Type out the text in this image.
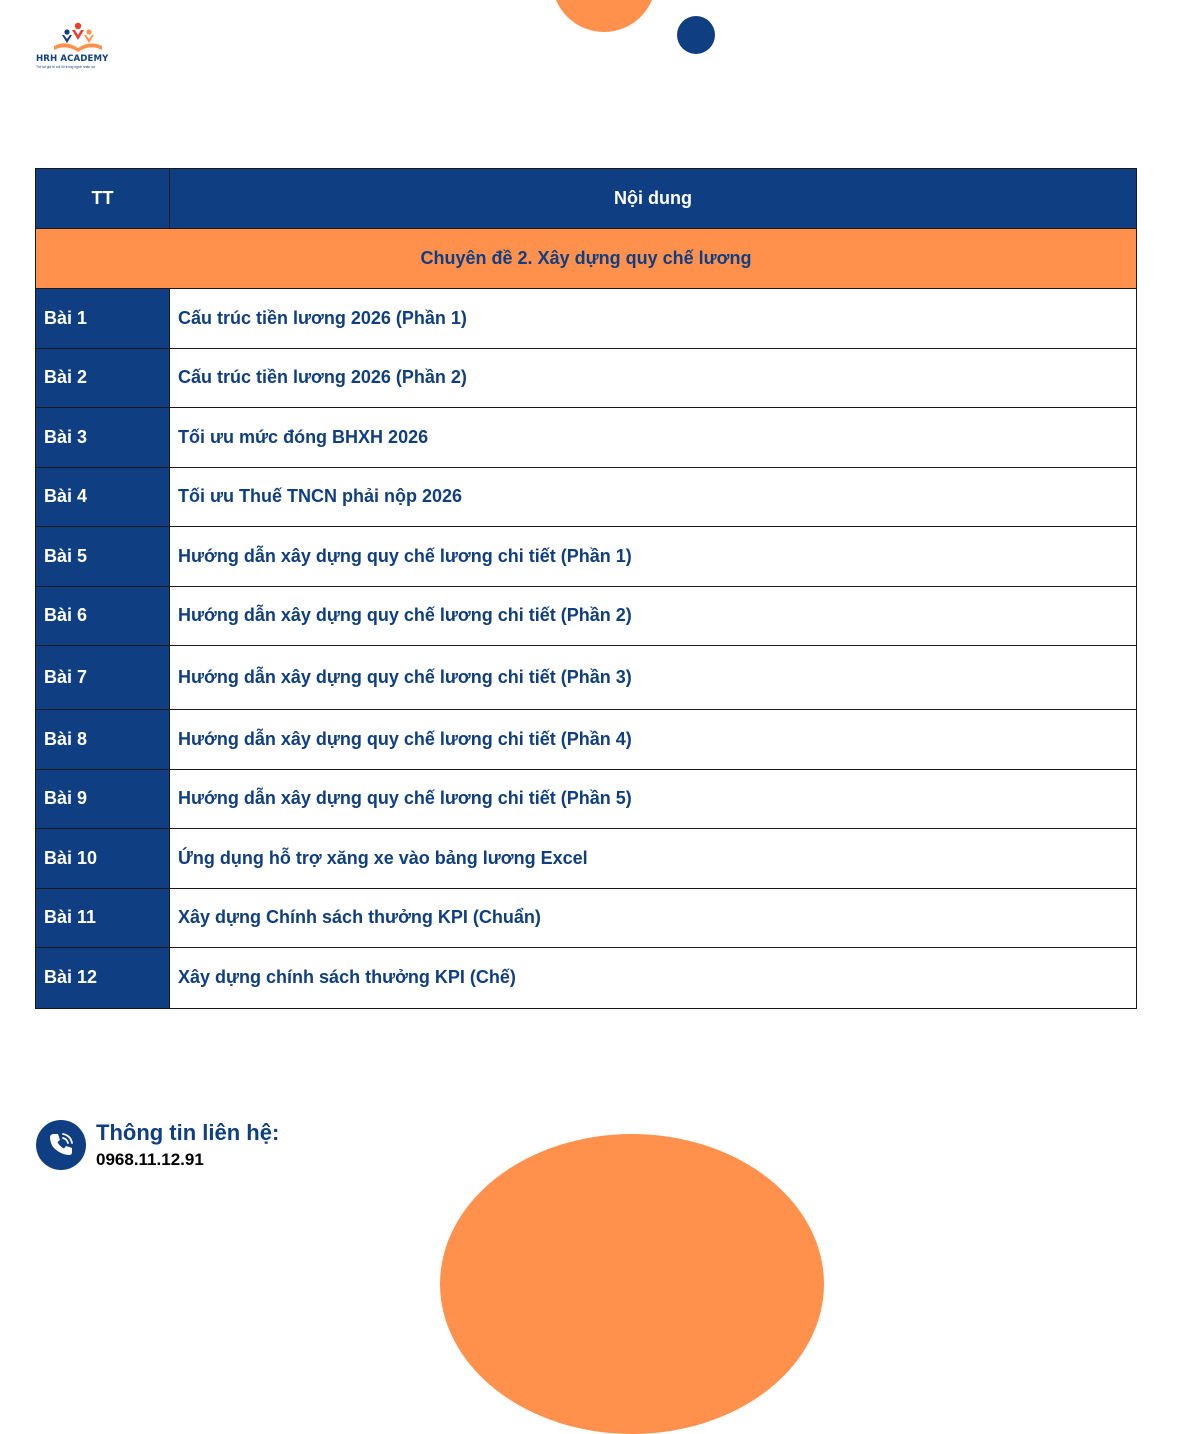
HRH ACADEMY
Trở lại giá trị cốt lõi trong nghề nhân sự
TT	Nội dung
Chuyên đề 2. Xây dựng quy chế lương
Bài 1	Cấu trúc tiền lương 2026 (Phần 1)
Bài 2	Cấu trúc tiền lương 2026 (Phần 2)
Bài 3	Tối ưu mức đóng BHXH 2026
Bài 4	Tối ưu Thuế TNCN phải nộp 2026
Bài 5	Hướng dẫn xây dựng quy chế lương chi tiết (Phần 1)
Bài 6	Hướng dẫn xây dựng quy chế lương chi tiết (Phần 2)
Bài 7	Hướng dẫn xây dựng quy chế lương chi tiết (Phần 3)
Bài 8	Hướng dẫn xây dựng quy chế lương chi tiết (Phần 4)
Bài 9	Hướng dẫn xây dựng quy chế lương chi tiết (Phần 5)
Bài 10	Ứng dụng hỗ trợ xăng xe vào bảng lương Excel
Bài 11	Xây dựng Chính sách thưởng KPI (Chuẩn)
Bài 12	Xây dựng chính sách thưởng KPI (Chế)
Thông tin liên hệ:
0968.11.12.91
